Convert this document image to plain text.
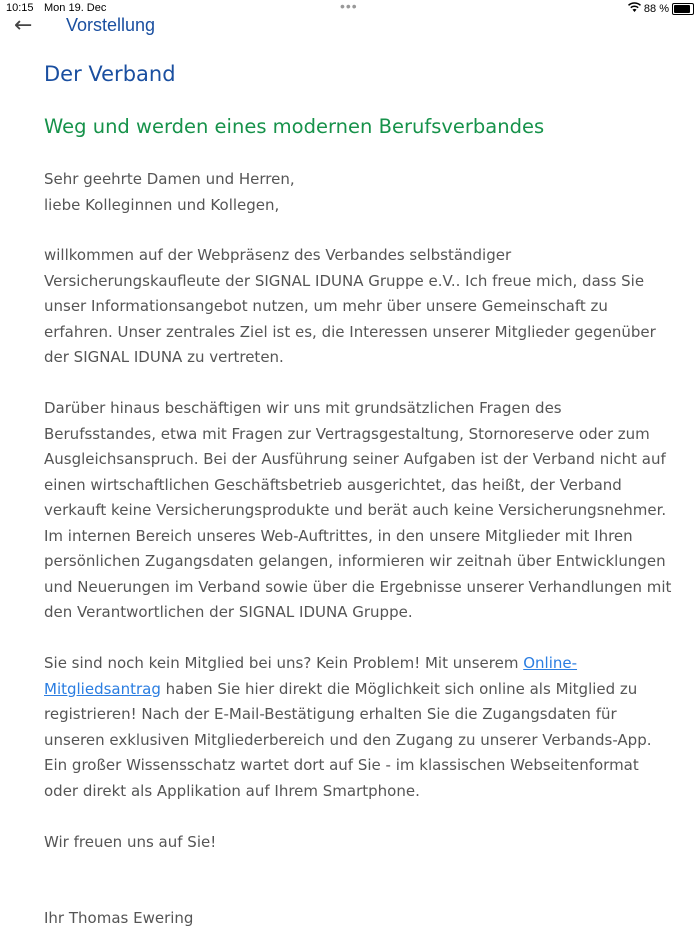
10:15 Mon 19. Dec	•••	88 %
← Vorstellung
Der Verband
Weg und werden eines modernen Berufsverbandes
Sehr geehrte Damen und Herren,
liebe Kolleginnen und Kollegen,
willkommen auf der Webpräsenz des Verbandes selbständiger
Versicherungskaufleute der SIGNAL IDUNA Gruppe e.V.. Ich freue mich, dass Sie
unser Informationsangebot nutzen, um mehr über unsere Gemeinschaft zu
erfahren. Unser zentrales Ziel ist es, die Interessen unserer Mitglieder gegenüber
der SIGNAL IDUNA zu vertreten.
Darüber hinaus beschäftigen wir uns mit grundsätzlichen Fragen des
Berufsstandes, etwa mit Fragen zur Vertragsgestaltung, Stornoreserve oder zum
Ausgleichsanspruch. Bei der Ausführung seiner Aufgaben ist der Verband nicht auf
einen wirtschaftlichen Geschäftsbetrieb ausgerichtet, das heißt, der Verband
verkauft keine Versicherungsprodukte und berät auch keine Versicherungsnehmer.
Im internen Bereich unseres Web-Auftrittes, in den unsere Mitglieder mit Ihren
persönlichen Zugangsdaten gelangen, informieren wir zeitnah über Entwicklungen
und Neuerungen im Verband sowie über die Ergebnisse unserer Verhandlungen mit
den Verantwortlichen der SIGNAL IDUNA Gruppe.
Sie sind noch kein Mitglied bei uns? Kein Problem! Mit unserem Online-
Mitgliedsantrag haben Sie hier direkt die Möglichkeit sich online als Mitglied zu
registrieren! Nach der E-Mail-Bestätigung erhalten Sie die Zugangsdaten für
unseren exklusiven Mitgliederbereich und den Zugang zu unserer Verbands-App.
Ein großer Wissensschatz wartet dort auf Sie - im klassischen Webseitenformat
oder direkt als Applikation auf Ihrem Smartphone.
Wir freuen uns auf Sie!
Ihr Thomas Ewering
